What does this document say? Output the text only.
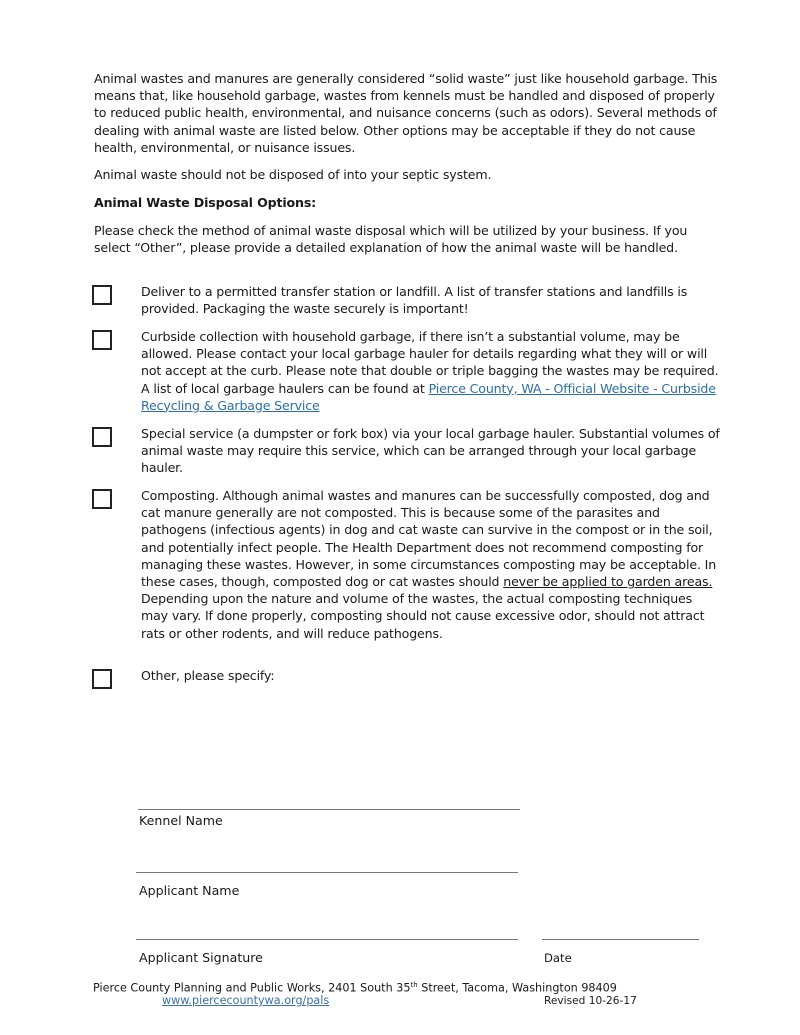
Animal wastes and manures are generally considered “solid waste” just like household garbage. This means that, like household garbage, wastes from kennels must be handled and disposed of properly to reduced public health, environmental, and nuisance concerns (such as odors). Several methods of dealing with animal waste are listed below. Other options may be acceptable if they do not cause health, environmental, or nuisance issues.

Animal waste should not be disposed of into your septic system.

Animal Waste Disposal Options:

Please check the method of animal waste disposal which will be utilized by your business. If you select “Other”, please provide a detailed explanation of how the animal waste will be handled.

Deliver to a permitted transfer station or landfill. A list of transfer stations and landfills is provided. Packaging the waste securely is important!

Curbside collection with household garbage, if there isn’t a substantial volume, may be allowed. Please contact your local garbage hauler for details regarding what they will or will not accept at the curb. Please note that double or triple bagging the wastes may be required. A list of local garbage haulers can be found at Pierce County, WA - Official Website - Curbside Recycling & Garbage Service

Special service (a dumpster or fork box) via your local garbage hauler. Substantial volumes of animal waste may require this service, which can be arranged through your local garbage hauler.

Composting. Although animal wastes and manures can be successfully composted, dog and cat manure generally are not composted. This is because some of the parasites and pathogens (infectious agents) in dog and cat waste can survive in the compost or in the soil, and potentially infect people. The Health Department does not recommend composting for managing these wastes. However, in some circumstances composting may be acceptable. In these cases, though, composted dog or cat wastes should never be applied to garden areas. Depending upon the nature and volume of the wastes, the actual composting techniques may vary. If done properly, composting should not cause excessive odor, should not attract rats or other rodents, and will reduce pathogens.

Other, please specify:

Kennel Name
Applicant Name
Applicant Signature	Date
Pierce County Planning and Public Works, 2401 South 35th Street, Tacoma, Washington 98409
www.piercecountywa.org/pals	Revised 10-26-17
